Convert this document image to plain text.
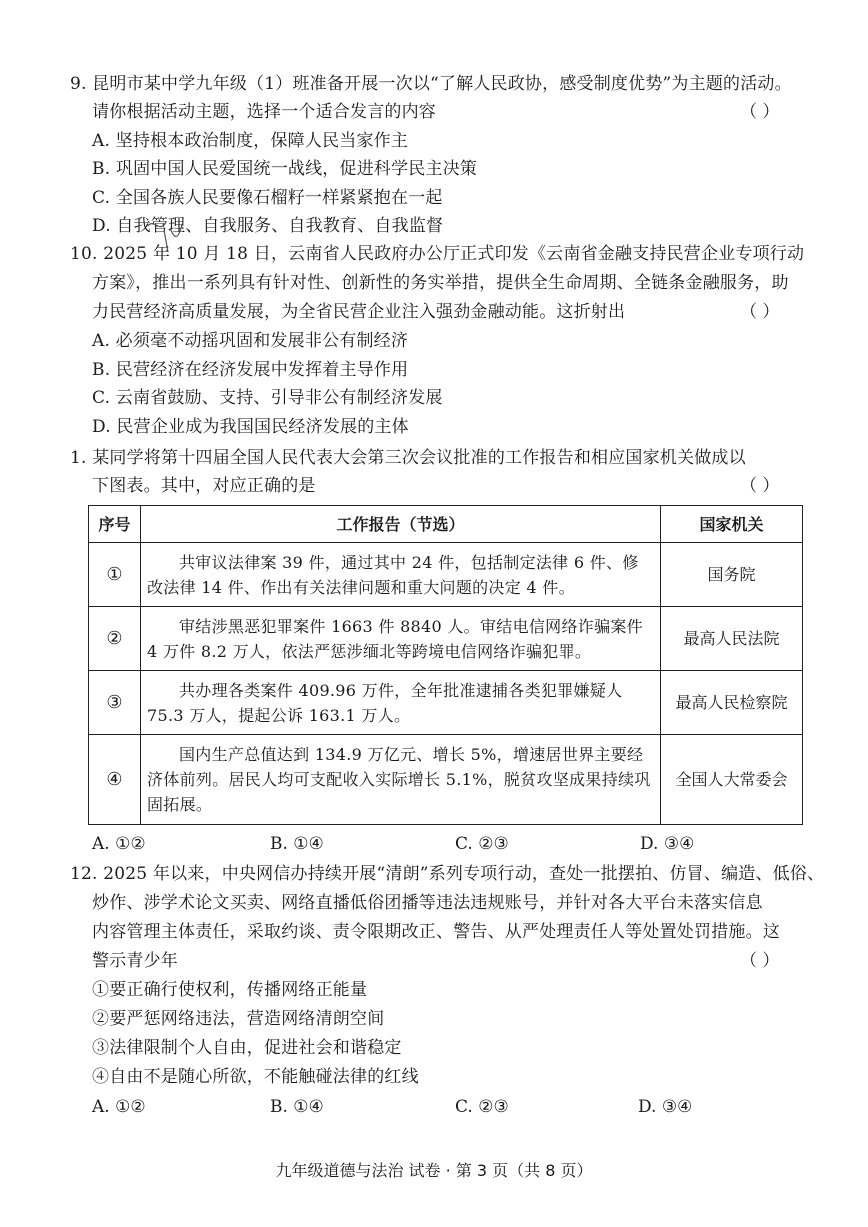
9. 昆明市某中学九年级（1）班准备开展一次以“了解人民政协，感受制度优势”为主题的活动。
请你根据活动主题，选择一个适合发言的内容	（ ）
A. 坚持根本政治制度，保障人民当家作主
B. 巩固中国人民爱国统一战线，促进科学民主决策
C. 全国各族人民要像石榴籽一样紧紧抱在一起
D. 自我管理、自我服务、自我教育、自我监督
10. 2025 年 10 月 18 日，云南省人民政府办公厅正式印发《云南省金融支持民营企业专项行动
方案》，推出一系列具有针对性、创新性的务实举措，提供全生命周期、全链条金融服务，助
力民营经济高质量发展，为全省民营企业注入强劲金融动能。这折射出	（ ）
A. 必须毫不动摇巩固和发展非公有制经济
B. 民营经济在经济发展中发挥着主导作用
C. 云南省鼓励、支持、引导非公有制经济发展
D. 民营企业成为我国国民经济发展的主体
1. 某同学将第十四届全国人民代表大会第三次会议批准的工作报告和相应国家机关做成以
下图表。其中，对应正确的是	（ ）
序号	工作报告（节选）	国家机关
①	共审议法律案 39 件，通过其中 24 件，包括制定法律 6 件、修改法律 14 件、作出有关法律问题和重大问题的决定 4 件。	国务院
②	审结涉黑恶犯罪案件 1663 件 8840 人。审结电信网络诈骗案件 4 万件 8.2 万人，依法严惩涉缅北等跨境电信网络诈骗犯罪。	最高人民法院
③	共办理各类案件 409.96 万件，全年批准逮捕各类犯罪嫌疑人 75.3 万人，提起公诉 163.1 万人。	最高人民检察院
④	国内生产总值达到 134.9 万亿元、增长 5%，增速居世界主要经济体前列。居民人均可支配收入实际增长 5.1%，脱贫攻坚成果持续巩固拓展。	全国人大常委会
A. ①②	B. ①④	C. ②③	D. ③④
12. 2025 年以来，中央网信办持续开展“清朗”系列专项行动，查处一批摆拍、仿冒、编造、低俗、
炒作、涉学术论文买卖、网络直播低俗团播等违法违规账号，并针对各大平台未落实信息
内容管理主体责任，采取约谈、责令限期改正、警告、从严处理责任人等处置处罚措施。这
警示青少年	（ ）
①要正确行使权利，传播网络正能量
②要严惩网络违法，营造网络清朗空间
③法律限制个人自由，促进社会和谐稳定
④自由不是随心所欲，不能触碰法律的红线
A. ①②	B. ①④	C. ②③	D. ③④
九年级道德与法治 试卷 · 第 3 页（共 8 页）
